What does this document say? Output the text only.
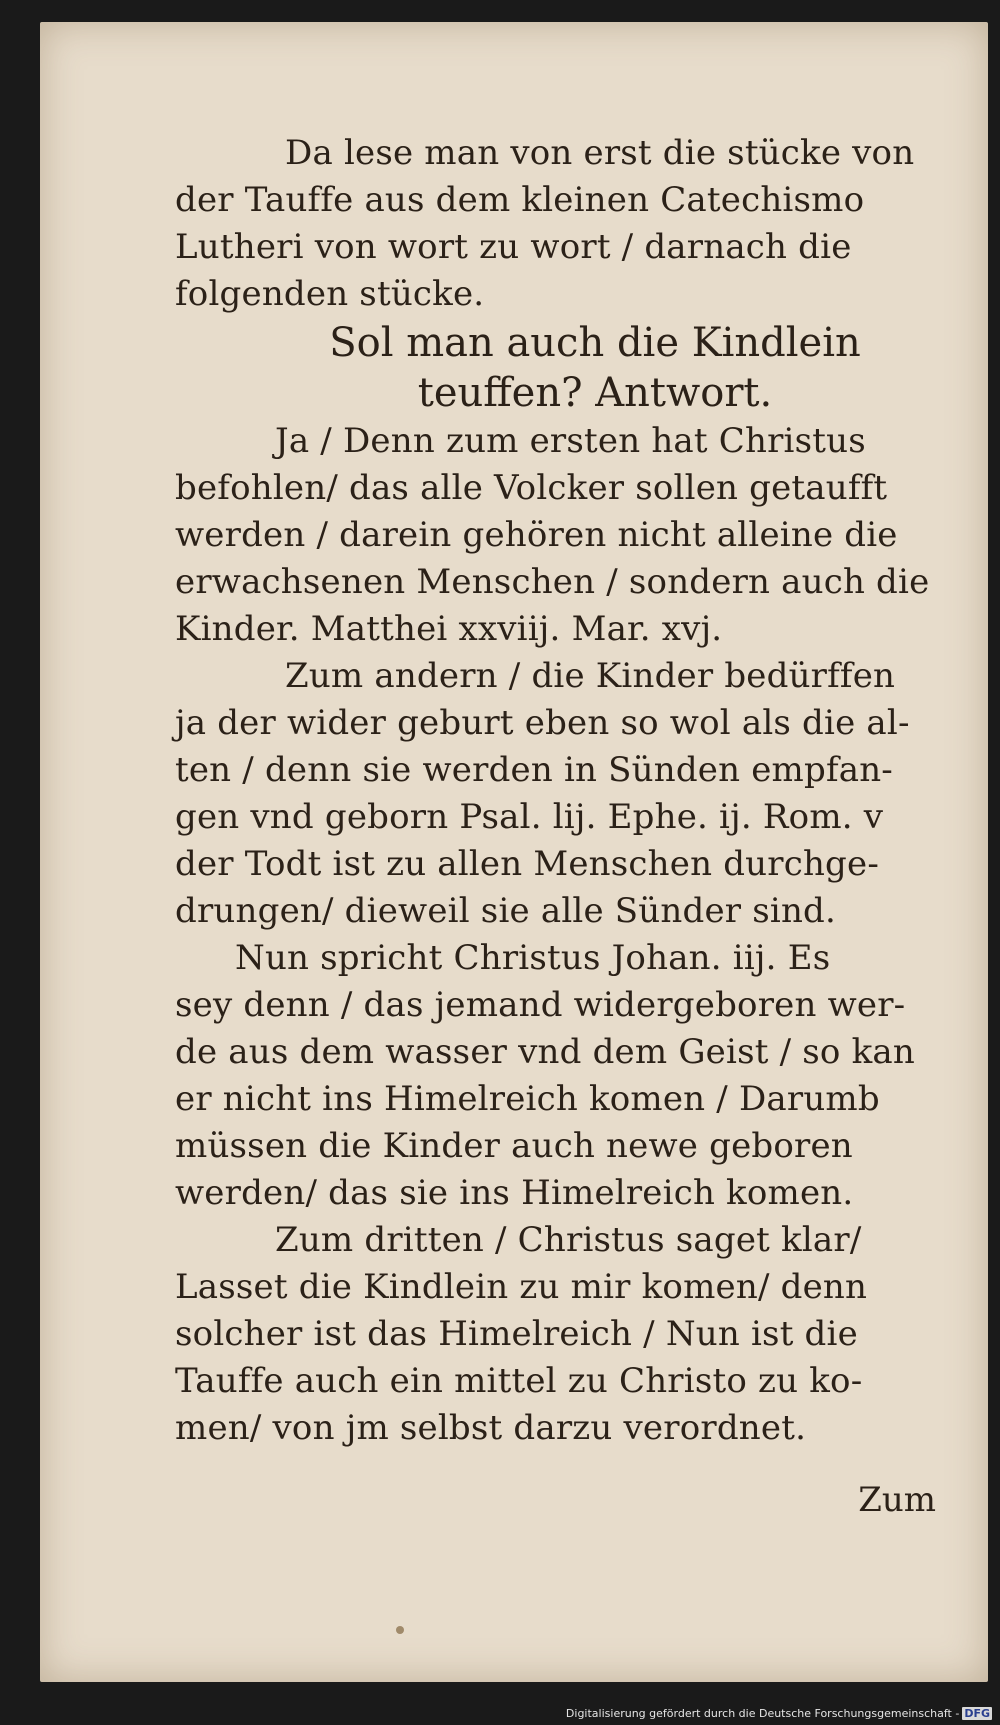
Da lese man von erst die stücke von
der Tauffe aus dem kleinen Catechismo
Lutheri von wort zu wort / darnach die
folgenden stücke.
Sol man auch die Kindlein
teuffen? Antwort.
Ja / Denn zum ersten hat Christus
befohlen/ das alle Volcker sollen getaufft
werden / darein gehören nicht alleine die
erwachsenen Menschen / sondern auch die
Kinder. Matthei xxviij. Mar. xvj.
Zum andern / die Kinder bedürffen
ja der wider geburt eben so wol als die al-
ten / denn sie werden in Sünden empfan-
gen vnd geborn Psal. lij. Ephe. ij. Rom. v
der Todt ist zu allen Menschen durchge-
drungen/ dieweil sie alle Sünder sind.
Nun spricht Christus Johan. iij. Es
sey denn / das jemand widergeboren wer-
de aus dem wasser vnd dem Geist / so kan
er nicht ins Himelreich komen / Darumb
müssen die Kinder auch newe geboren
werden/ das sie ins Himelreich komen.
Zum dritten / Christus saget klar/
Lasset die Kindlein zu mir komen/ denn
solcher ist das Himelreich / Nun ist die
Tauffe auch ein mittel zu Christo zu ko-
men/ von jm selbst darzu verordnet.
Zum
Digitalisierung gefördert durch die Deutsche Forschungsgemeinschaft - DFG
